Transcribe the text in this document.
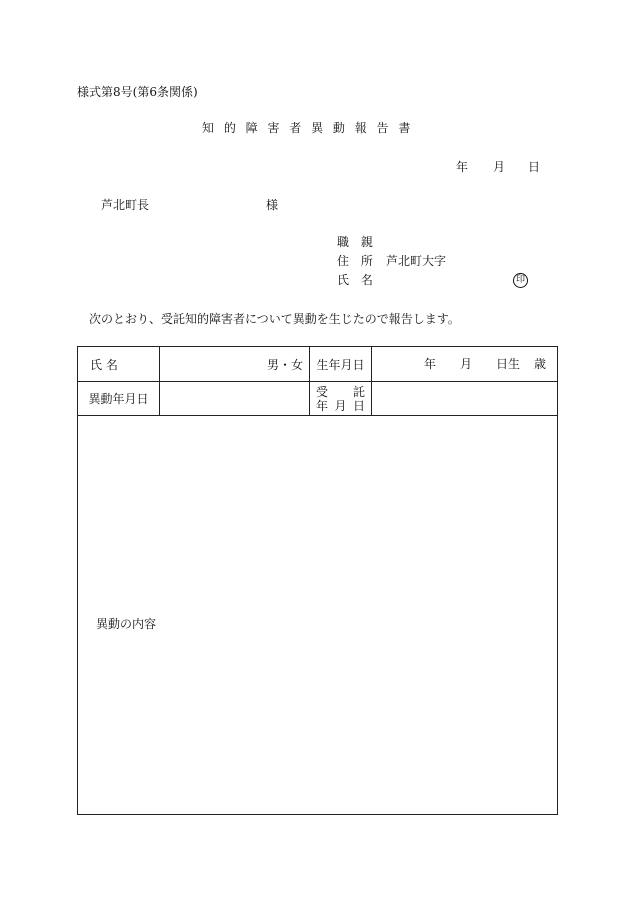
様式第8号(第6条関係)
知 的 障 害 者 異 動 報 告 書
年 月 日
芦北町長	様
職 親
住 所 芦北町大字
氏 名	印
次のとおり、受託知的障害者について異動を生じたので報告します。
氏 名	男・女	生年月日	年 月 日生 歳

異動年月日		受 託
年 月 日	

異動の内容			
